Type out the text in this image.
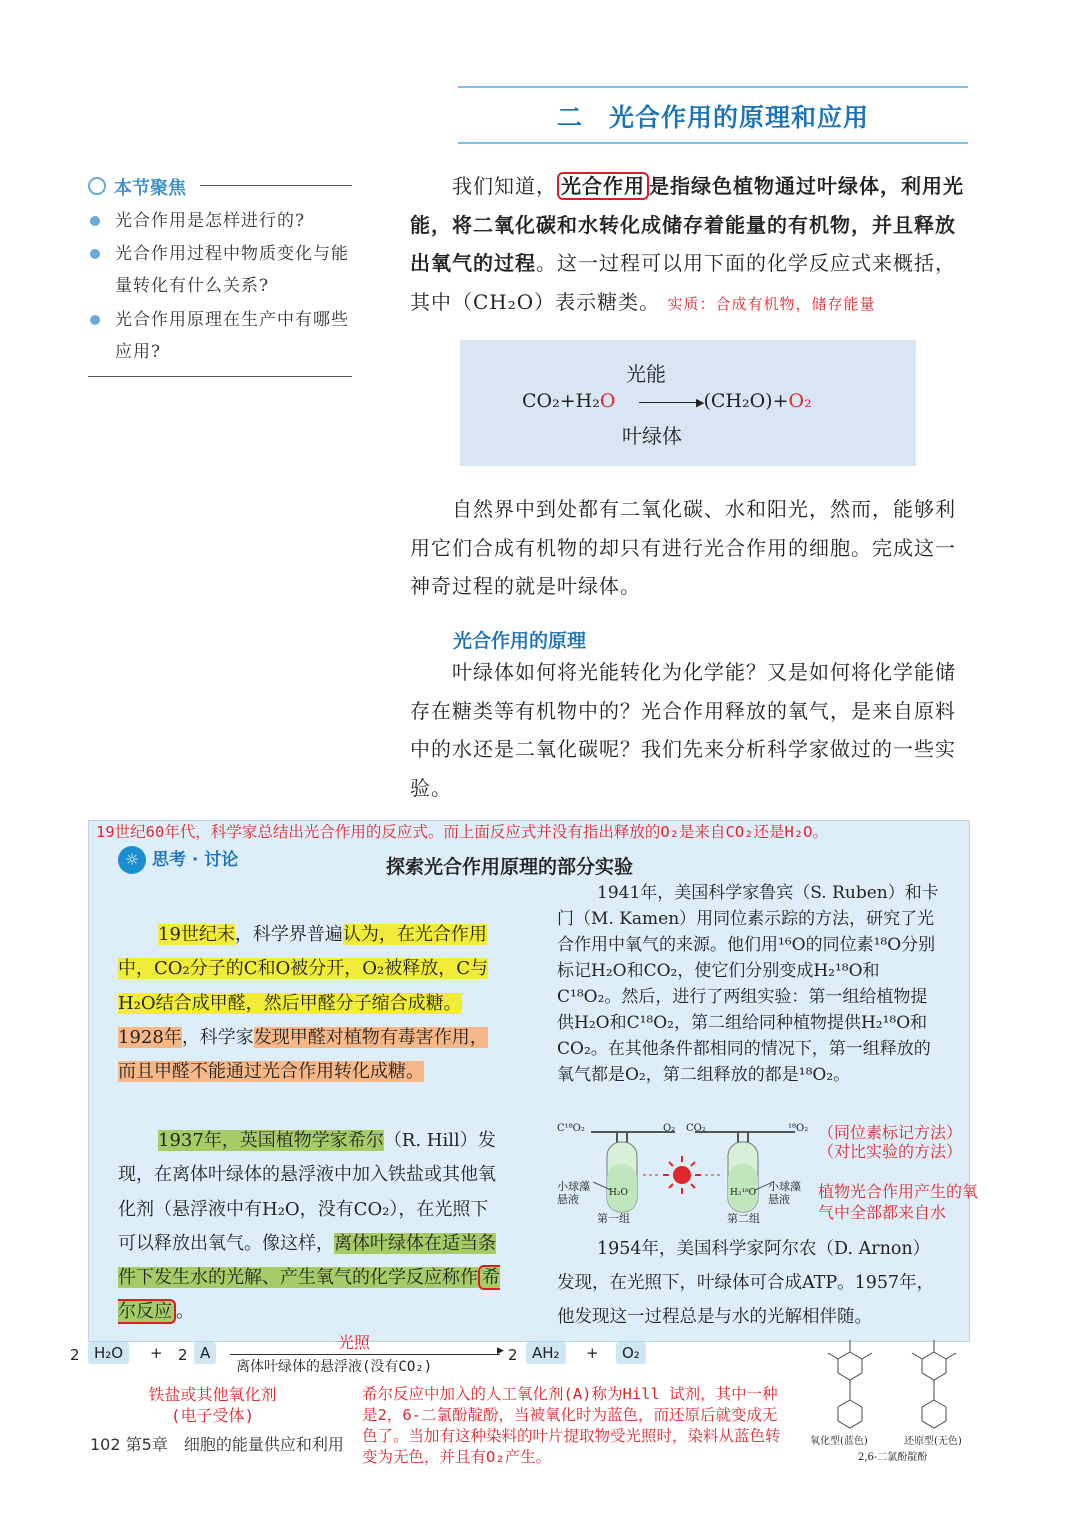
二　光合作用的原理和应用
本节聚焦
光合作用是怎样进行的?
光合作用过程中物质变化与能量转化有什么关系?
光合作用原理在生产中有哪些应用?
我们知道， 光合作用 是指绿色植物通过叶绿体，利用光能，将二氧化碳和水转化成储存着能量的有机物，并且释放出氧气的过程。这一过程可以用下面的化学反应式来概括，其中（CH₂O）表示糖类。 实质：合成有机物，储存能量
光能
CO₂+H₂O	▶ (CH₂O)+O₂
叶绿体
自然界中到处都有二氧化碳、水和阳光，然而，能够利用它们合成有机物的却只有进行光合作用的细胞。完成这一神奇过程的就是叶绿体。
光合作用的原理
叶绿体如何将光能转化为化学能？又是如何将化学能储存在糖类等有机物中的？光合作用释放的氧气，是来自原料中的水还是二氧化碳呢？我们先来分析科学家做过的一些实验。
19世纪60年代，科学家总结出光合作用的反应式。而上面反应式并没有指出释放的O₂是来自CO₂还是H₂O。
☼ 思考 · 讨论	探索光合作用原理的部分实验
19世纪末，科学界普遍认为，在光合作用中，CO₂分子的C和O被分开，O₂被释放，C与H₂O结合成甲醛，然后甲醛分子缩合成糖。1928年，科学家发现甲醛对植物有毒害作用，而且甲醛不能通过光合作用转化成糖。
1937年，英国植物学家希尔（R. Hill）发现，在离体叶绿体的悬浮液中加入铁盐或其他氧化剂（悬浮液中有H₂O，没有CO₂），在光照下可以释放出氧气。像这样，离体叶绿体在适当条件下发生水的光解、产生氧气的化学反应称作 希尔反应 。
1941年，美国科学家鲁宾（S. Ruben）和卡门（M. Kamen）用同位素示踪的方法，研究了光合作用中氧气的来源。他们用¹⁶O的同位素¹⁸O分别标记H₂O和CO₂，使它们分别变成H₂¹⁸O和C¹⁸O₂。然后，进行了两组实验：第一组给植物提供H₂O和C¹⁸O₂，第二组给同种植物提供H₂¹⁸O和CO₂。在其他条件都相同的情况下，第一组释放的氧气都是O₂，第二组释放的都是¹⁸O₂。
C¹⁸O₂	O₂ CO₂	¹⁸O₂
小球藻悬液
小球藻悬液
H₂O	H₂¹⁸O
第一组	第二组
1954年，美国科学家阿尔农（D. Arnon）发现，在光照下，叶绿体可合成ATP。1957年，他发现这一过程总是与水的光解相伴随。
（同位素标记方法）
（对比实验的方法）
植物光合作用产生的氧气中全部都来自水
2 H₂O	+ 2 A
光照	▶
离体叶绿体的悬浮液(没有CO₂)
2 AH₂	+	O₂
铁盐或其他氧化剂(电子受体)
希尔反应中加入的人工氧化剂(A)称为Hill 试剂，其中一种是2，6-二氯酚靛酚，当被氧化时为蓝色，而还原后就变成无色了。当加有这种染料的叶片提取物受光照时，染料从蓝色转变为无色，并且有O₂产生。
氧化型(蓝色)	还原型(无色)
2,6-二氯酚靛酚
102 第5章　细胞的能量供应和利用
